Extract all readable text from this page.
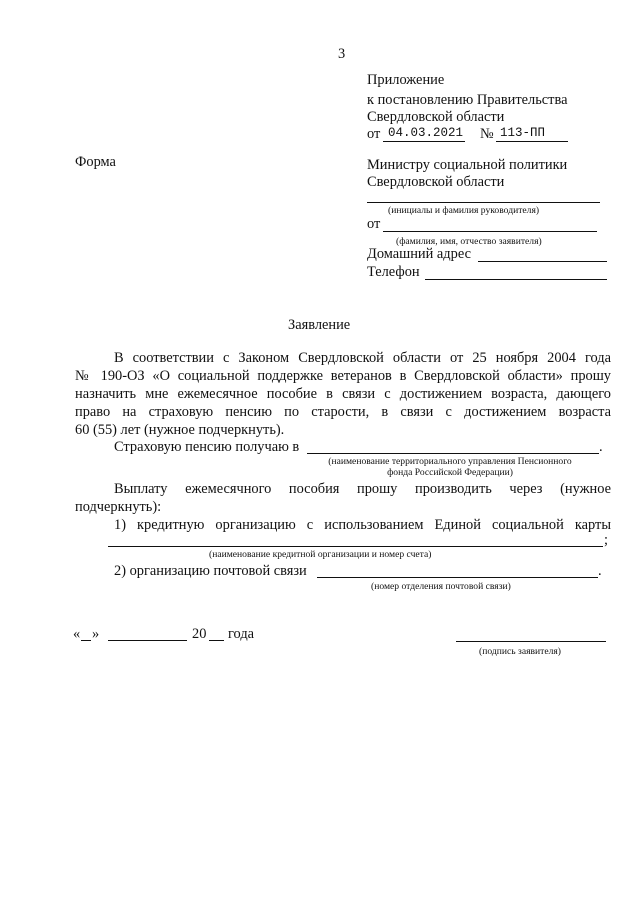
3
Приложение
к постановлению Правительства
Свердловской области
от 04.03.2021 № 113-ПП
Форма	Министру социальной политики
Свердловской области
(инициалы и фамилия руководителя)
от
(фамилия, имя, отчество заявителя)
Домашний адрес
Телефон
Заявление
В соответствии с Законом Свердловской области от 25 ноября 2004 года
№ 190-ОЗ «О социальной поддержке ветеранов в Свердловской области» прошу
назначить мне ежемесячное пособие в связи с достижением возраста, дающего
право на страховую пенсию по старости, в связи с достижением возраста
60 (55) лет (нужное подчеркнуть).
Страховую пенсию получаю в	.
(наименование территориального управления Пенсионного
фонда Российской Федерации)
Выплату ежемесячного пособия прошу производить через (нужное
подчеркнуть):
1) кредитную организацию с использованием Единой социальной карты
;
(наименование кредитной организации и номер счета)
2) организацию почтовой связи	.
(номер отделения почтовой связи)
« »	20 года
(подпись заявителя)
